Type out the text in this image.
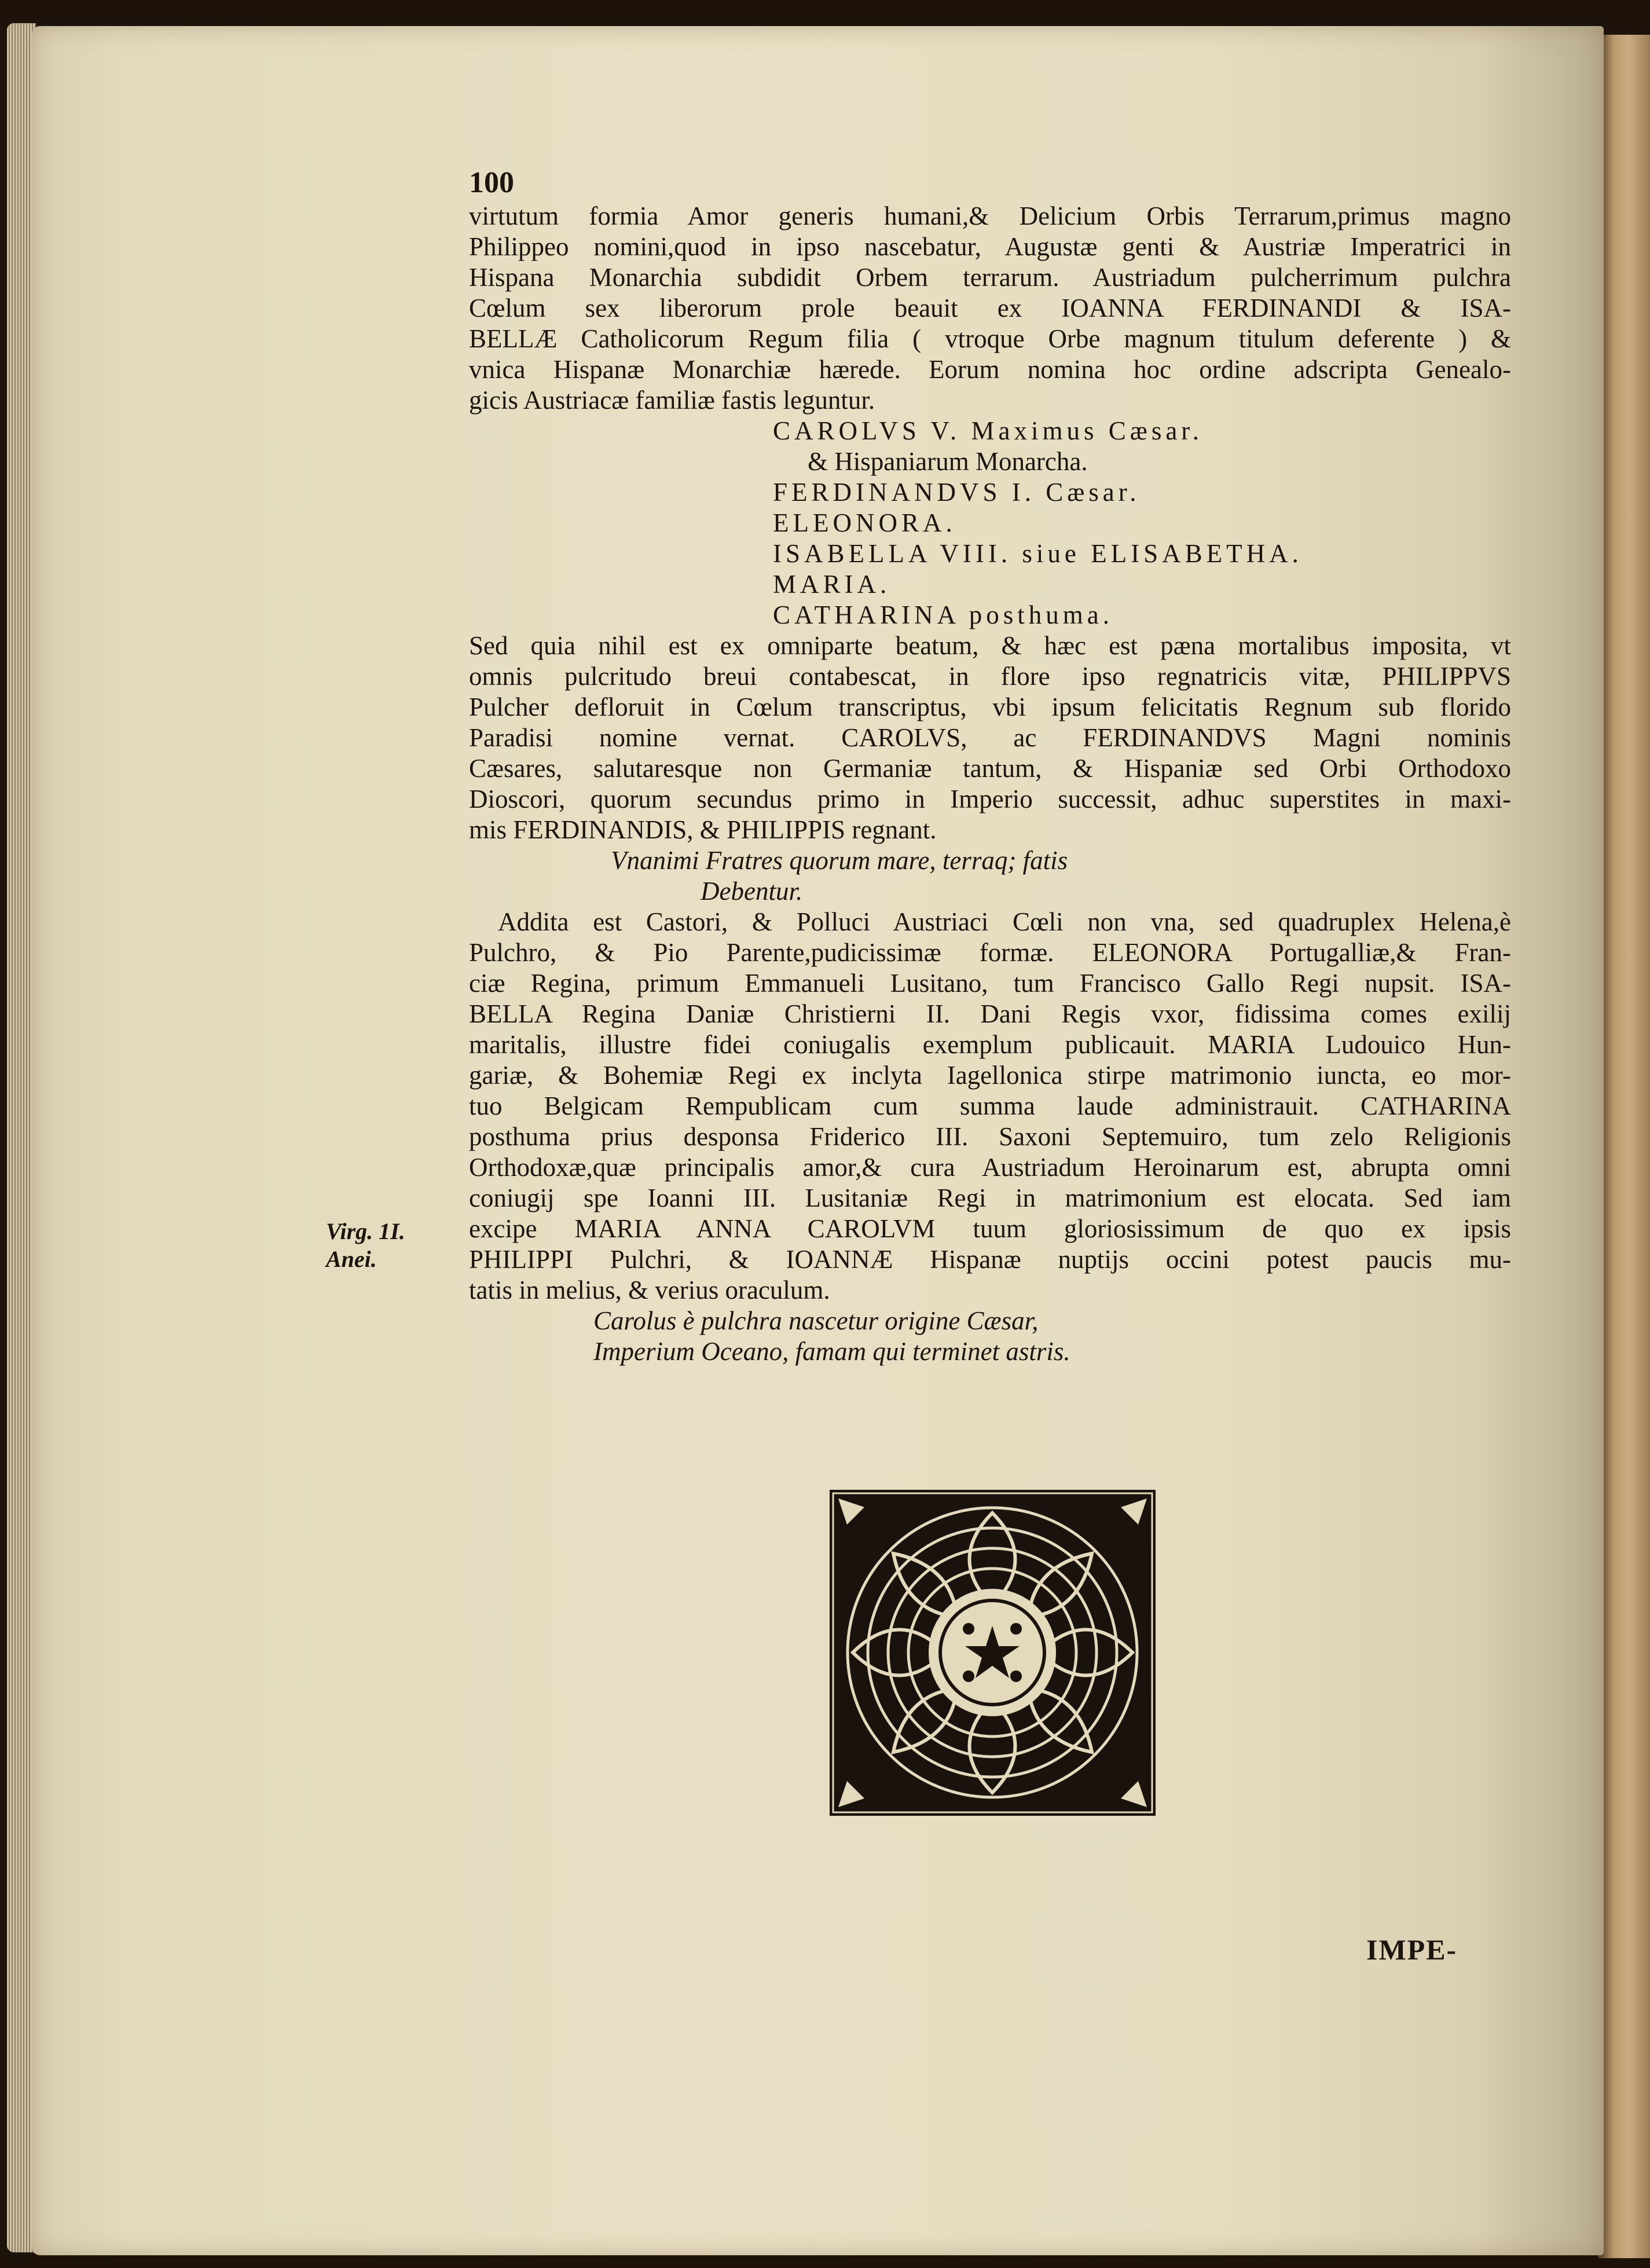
100
virtutum formia Amor generis humani,& Delicium Orbis Terrarum,primus magno
Philippeo nomini,quod in ipso nascebatur, Augustæ genti & Austriæ Imperatrici in
Hispana Monarchia subdidit Orbem terrarum. Austriadum pulcherrimum pulchra
Cœlum sex liberorum prole beauit ex IOANNA FERDINANDI & ISA-
BELLÆ Catholicorum Regum filia ( vtroque Orbe magnum titulum deferente ) &
vnica Hispanæ Monarchiæ hærede. Eorum nomina hoc ordine adscripta Genealo-
gicis Austriacæ familiæ fastis leguntur.
CAROLVS V. Maximus Cæsar.
& Hispaniarum Monarcha.
FERDINANDVS I. Cæsar.
ELEONORA.
ISABELLA VIII. siue ELISABETHA.
MARIA.
CATHARINA posthuma.
Sed quia nihil est ex omniparte beatum, & hæc est pæna mortalibus imposita, vt
omnis pulcritudo breui contabescat, in flore ipso regnatricis vitæ, PHILIPPVS
Pulcher defloruit in Cœlum transcriptus, vbi ipsum felicitatis Regnum sub florido
Paradisi nomine vernat. CAROLVS, ac FERDINANDVS Magni nominis
Cæsares, salutaresque non Germaniæ tantum, & Hispaniæ sed Orbi Orthodoxo
Dioscori, quorum secundus primo in Imperio successit, adhuc superstites in maxi-
mis FERDINANDIS, & PHILIPPIS regnant.
Vnanimi Fratres quorum mare, terraq; fatis
Debentur.
Addita est Castori, & Polluci Austriaci Cœli non vna, sed quadruplex Helena,è
Pulchro, & Pio Parente,pudicissimæ formæ. ELEONORA Portugalliæ,& Fran-
ciæ Regina, primum Emmanueli Lusitano, tum Francisco Gallo Regi nupsit. ISA-
BELLA Regina Daniæ Christierni II. Dani Regis vxor, fidissima comes exilij
maritalis, illustre fidei coniugalis exemplum publicauit. MARIA Ludouico Hun-
gariæ, & Bohemiæ Regi ex inclyta Iagellonica stirpe matrimonio iuncta, eo mor-
tuo Belgicam Rempublicam cum summa laude administrauit. CATHARINA
posthuma prius desponsa Friderico III. Saxoni Septemuiro, tum zelo Religionis
Orthodoxæ,quæ principalis amor,& cura Austriadum Heroinarum est, abrupta omni
coniugij spe Ioanni III. Lusitaniæ Regi in matrimonium est elocata. Sed iam
excipe MARIA ANNA CAROLVM tuum gloriosissimum de quo ex ipsis
PHILIPPI Pulchri, & IOANNÆ Hispanæ nuptijs occini potest paucis mu-
tatis in melius, & verius oraculum.
Carolus è pulchra nascetur origine Cæsar,
Imperium Oceano, famam qui terminet astris.
Virg. 1I.
Anei.
IMPE-
